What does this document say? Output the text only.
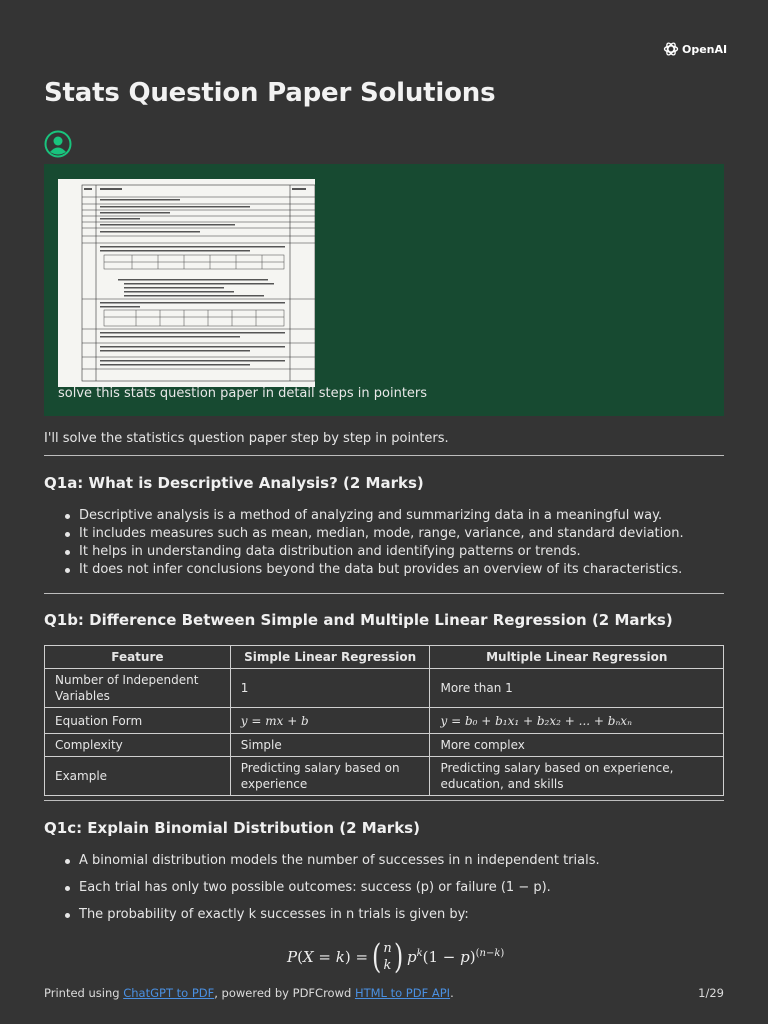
OpenAI
Stats Question Paper Solutions
solve this stats question paper in detail steps in pointers

I'll solve the statistics question paper step by step in pointers.

Q1a: What is Descriptive Analysis? (2 Marks)
Descriptive analysis is a method of analyzing and summarizing data in a meaningful way.
It includes measures such as mean, median, mode, range, variance, and standard deviation.
It helps in understanding data distribution and identifying patterns or trends.
It does not infer conclusions beyond the data but provides an overview of its characteristics.
Q1b: Difference Between Simple and Multiple Linear Regression (2 Marks)
Feature	Simple Linear Regression	Multiple Linear Regression
Number of Independent Variables	1	More than 1
Equation Form	y = mx + b	y = b₀ + b₁x₁ + b₂x₂ + ... + bₙxₙ
Complexity	Simple	More complex
Example	Predicting salary based on experience	Predicting salary based on experience, education, and skills
Q1c: Explain Binomial Distribution (2 Marks)
A binomial distribution models the number of successes in n independent trials.
Each trial has only two possible outcomes: success (p) or failure (1 − p).
The probability of exactly k successes in n trials is given by:
P(X = k) = ( n
k ) $p^k(1 - p)^{(n-k)}$
Printed using ChatGPT to PDF, powered by PDFCrowd HTML to PDF API.	1/29
